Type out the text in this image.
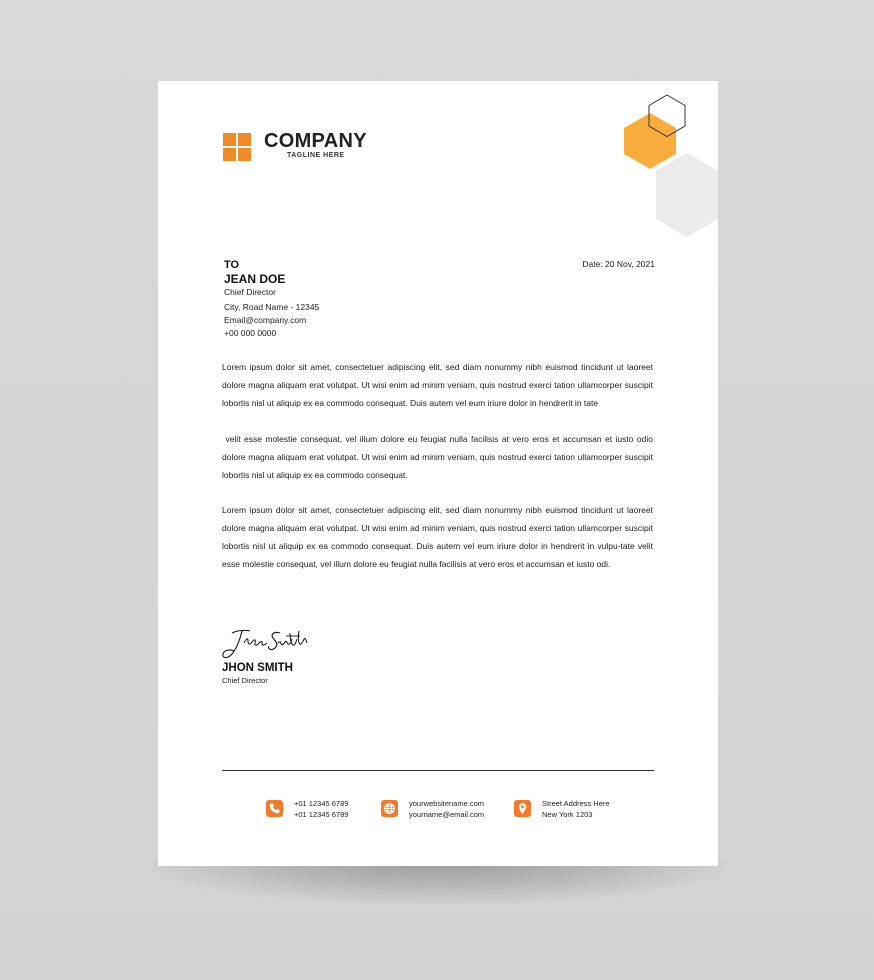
COMPANY
TAGLINE HERE
TO
JEAN DOE
Chief Director
City, Road Name - 12345
Email@company.com
+00 000 0000
Date: 20 Nov, 2021
Lorem ipsum dolor sit amet, consectetuer adipiscing elit, sed diam nonummy nibh euismod tincidunt ut laoreet dolore magna aliquam erat volutpat. Ut wisi enim ad minim veniam, quis nostrud exerci tation ullamcorper suscipit lobortis nisl ut aliquip ex ea commodo consequat. Duis autem vel eum iriure dolor in hendrerit in tate
velit esse molestie consequat, vel illum dolore eu feugiat nulla facilisis at vero eros et accumsan et iusto odio dolore magna aliquam erat volutpat. Ut wisi enim ad minim veniam, quis nostrud exerci tation ullamcorper suscipit lobortis nisl ut aliquip ex ea commodo consequat.
Lorem ipsum dolor sit amet, consectetuer adipiscing elit, sed diam nonummy nibh euismod tincidunt ut laoreet dolore magna aliquam erat volutpat. Ut wisi enim ad minim veniam, quis nostrud exerci tation ullamcorper suscipit lobortis nisl ut aliquip ex ea commodo consequat. Duis autem vel eum iriure dolor in hendrerit in vulpu-tate velit esse molestie consequat, vel illum dolore eu feugiat nulla facilisis at vero eros et accumsan et iusto odi.
JHON SMITH
Chief Director
+01 12345 6789
+01 12345 6789
yourwebsitename.com
yourname@email.com
Street Address Here
New York 1203
